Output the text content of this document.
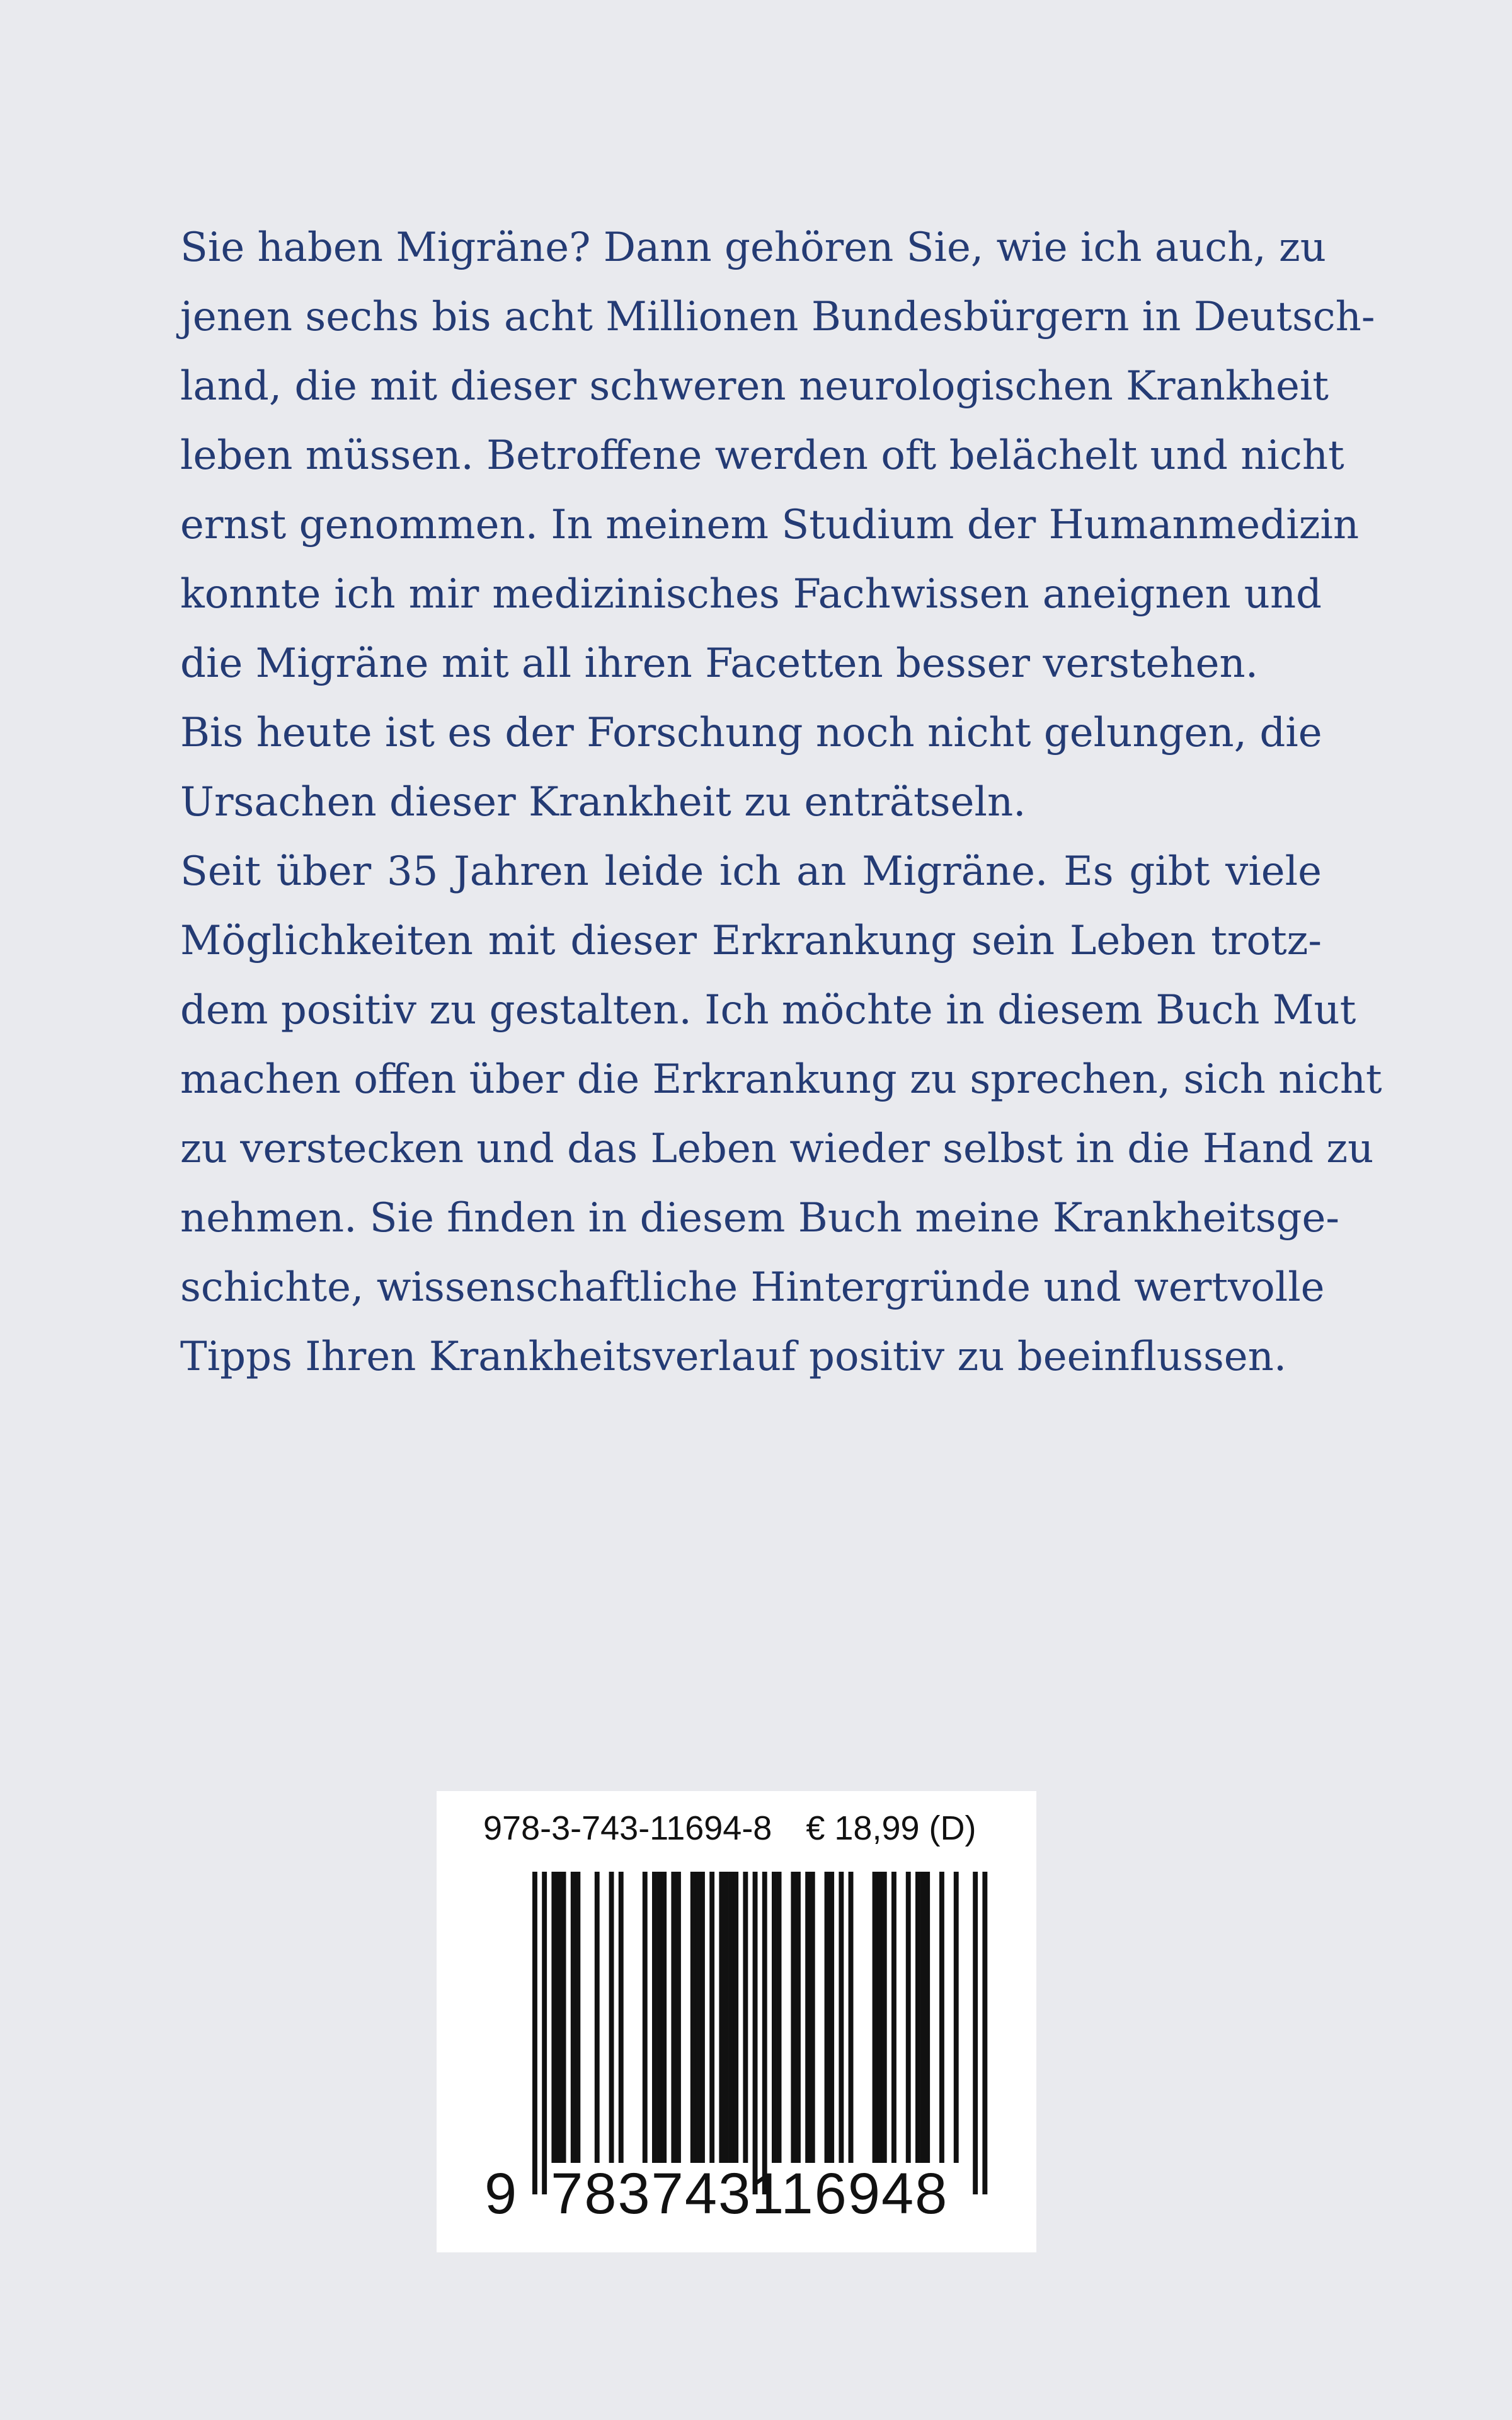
Sie haben Migräne? Dann gehören Sie, wie ich auch, zu
jenen sechs bis acht Millionen Bundesbürgern in Deutsch-
land, die mit dieser schweren neurologischen Krankheit
leben müssen. Betroffene werden oft belächelt und nicht
ernst genommen. In meinem Studium der Humanmedizin
konnte ich mir medizinisches Fachwissen aneignen und
die Migräne mit all ihren Facetten besser verstehen.

Bis heute ist es der Forschung noch nicht gelungen, die
Ursachen dieser Krankheit zu enträtseln.

Seit über 35 Jahren leide ich an Migräne. Es gibt viele
Möglichkeiten mit dieser Erkrankung sein Leben trotz-
dem positiv zu gestalten. Ich möchte in diesem Buch Mut
machen offen über die Erkrankung zu sprechen, sich nicht
zu verstecken und das Leben wieder selbst in die Hand zu
nehmen. Sie finden in diesem Buch meine Krankheitsge-
schichte, wissenschaftliche Hintergründe und wertvolle
Tipps Ihren Krankheitsverlauf positiv zu beeinflussen.

978-3-743-11694-8 € 18,99 (D)
9 783743116948
